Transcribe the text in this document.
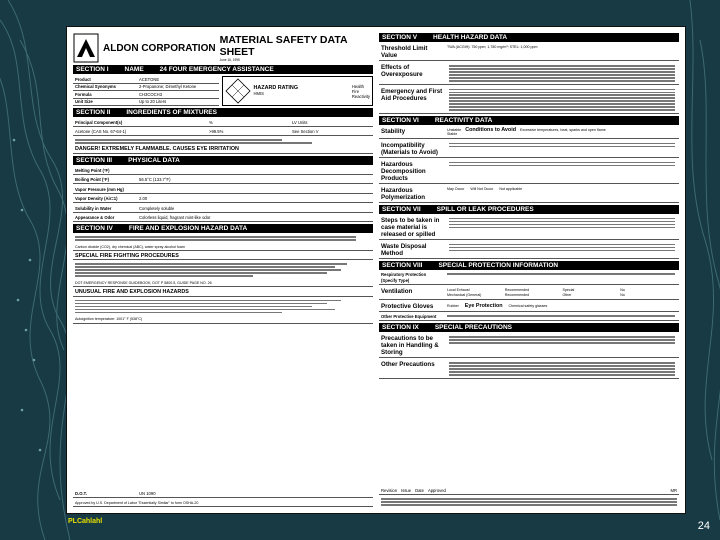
ALDON CORPORATION
MATERIAL SAFETY DATA SHEET
June 16, 1995
SECTION I NAME 24 FOUR EMERGENCY ASSISTANCE
Product	ACETONE
Chemical Synonyms	2-Propanone; Dimethyl Ketone
Formula	CH3COCH3
Unit Size	Up to 20 Liters
HAZARD RATING
HMIS
Health
Fire
Reactivity
SECTION II INGREDIENTS OF MIXTURES
Principal Component(s)	%	LV Units
Acetone (CAS No. 67-64-1)	>99.5%	See Section V
DANGER! EXTREMELY FLAMMABLE. CAUSES EYE IRRITATION
SECTION III PHYSICAL DATA
Melting Point (°F)
Boiling Point (°F)	56.5°C (133.7°F)
Vapor Pressure (mm Hg)
Vapor Density (Air=1)	2.00
Solubility in Water	Completely soluble
Appearance & Odor	Colorless liquid, fragrant mint-like odor
SECTION IV FIRE AND EXPLOSION HAZARD DATA
Carbon dioxide (CO2), dry chemical (ABC), water spray alcohol foam
SPECIAL FIRE FIGHTING PROCEDURES
DOT EMERGENCY RESPONSE GUIDEBOOK, DOT P 5800.5, GUIDE PAGE NO. 26
UNUSUAL FIRE AND EXPLOSION HAZARDS
Autoignition temperature: 1001° F (538°C)
D.O.T.	UN 1090
Approved by U.S. Department of Labor "Essentially Similar" to form OSHA-20
SECTION V HEALTH HAZARD DATA
Threshold Limit Value
TWA (ACGIH): 750 ppm; 1,780 mg/m³; STEL: 1,000 ppm
Effects of Overexposure
Emergency and First Aid Procedures
SECTION VI REACTIVITY DATA
Stability	Unstable
Stable
Conditions to Avoid Excessive temperatures, heat, sparks and open flame
Incompatibility (Materials to Avoid)
Hazardous Decomposition Products
Hazardous Polymerization
May Occur Will Not Occur Not applicable
SECTION VII SPILL OR LEAK PROCEDURES
Steps to be taken in case material is released or spilled
Waste Disposal Method
SECTION VIII SPECIAL PROTECTION INFORMATION
Respiratory Protection (Specify Type)
Ventilation	Local Exhaust	Recommended	Special	No
Mechanical (General)	Recommended	Other	No
Protective Gloves	Rubber Eye Protection Chemical safety glasses
Other Protective Equipment
SECTION IX SPECIAL PRECAUTIONS
Precautions to be taken in Handling & Storing
Other Precautions
Revision Issue Date Approved	MR
PLCahlahl	24
